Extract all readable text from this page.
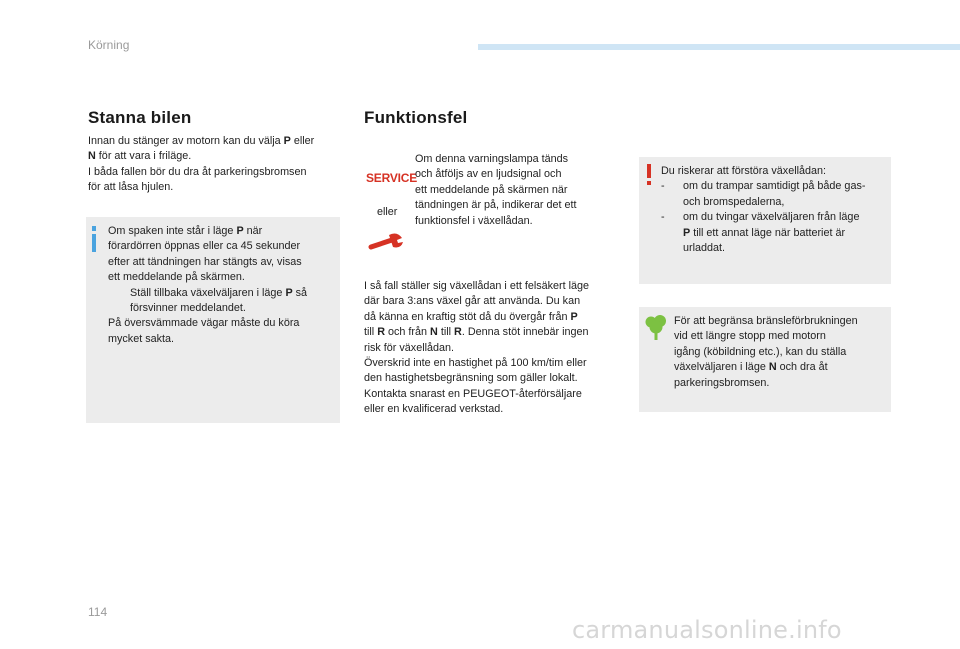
Körning
Stanna bilen
Innan du stänger av motorn kan du välja P eller
N för att vara i friläge.
I båda fallen bör du dra åt parkeringsbromsen
för att låsa hjulen.
Om spaken inte står i läge P när
förardörren öppnas eller ca 45 sekunder
efter att tändningen har stängts av, visas
ett meddelande på skärmen.
Ställ tillbaka växelväljaren i läge P så
försvinner meddelandet.
På översvämmade vägar måste du köra
mycket sakta.
Funktionsfel
SERVICE
eller
Om denna varningslampa tänds
och åtföljs av en ljudsignal och
ett meddelande på skärmen när
tändningen är på, indikerar det ett
funktionsfel i växellådan.
I så fall ställer sig växellådan i ett felsäkert läge
där bara 3:ans växel går att använda. Du kan
då känna en kraftig stöt då du övergår från P
till R och från N till R. Denna stöt innebär ingen
risk för växellådan.
Överskrid inte en hastighet på 100 km/tim eller
den hastighetsbegränsning som gäller lokalt.
Kontakta snarast en PEUGEOT-återförsäljare
eller en kvalificerad verkstad.
Du riskerar att förstöra växellådan:
-	om du trampar samtidigt på både gas-
och bromspedalerna,
-	om du tvingar växelväljaren från läge
P till ett annat läge när batteriet är
urladdat.
För att begränsa bränsleförbrukningen
vid ett längre stopp med motorn
igång (köbildning etc.), kan du ställa
växelväljaren i läge N och dra åt
parkeringsbromsen.
114
carmanualsonline.info
